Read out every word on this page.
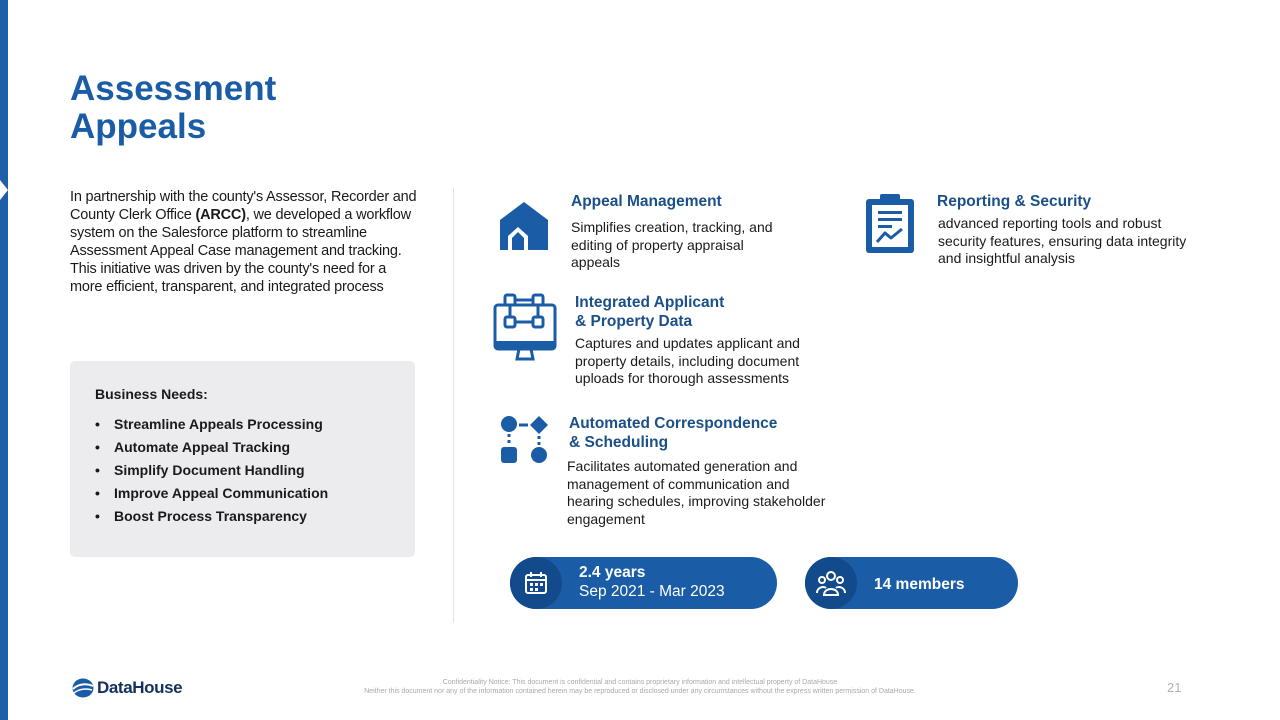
Assessment
Appeals

In partnership with the county's Assessor, Recorder and County Clerk Office (ARCC), we developed a workflow system on the Salesforce platform to streamline Assessment Appeal Case management and tracking. This initiative was driven by the county's need for a more efficient, transparent, and integrated process

Business Needs:
•	Streamline Appeals Processing
•	Automate Appeal Tracking
•	Simplify Document Handling
•	Improve Appeal Communication
•	Boost Process Transparency
Appeal Management
Simplifies creation, tracking, and
editing of property appraisal
appeals
Reporting & Security
advanced reporting tools and robust
security features, ensuring data integrity
and insightful analysis
Integrated Applicant
& Property Data
Captures and updates applicant and
property details, including document
uploads for thorough assessments
Automated Correspondence
& Scheduling
Facilitates automated generation and
management of communication and
hearing schedules, improving stakeholder
engagement
2.4 years
Sep 2021 - Mar 2023	14 members
DataHouse	Confidentiality Notice: This document is confidential and contains proprietary information and intellectual property of DataHouse
Neither this document nor any of the information contained herein may be reproduced or disclosed under any circumstances without the express written permission of DataHouse.	21
